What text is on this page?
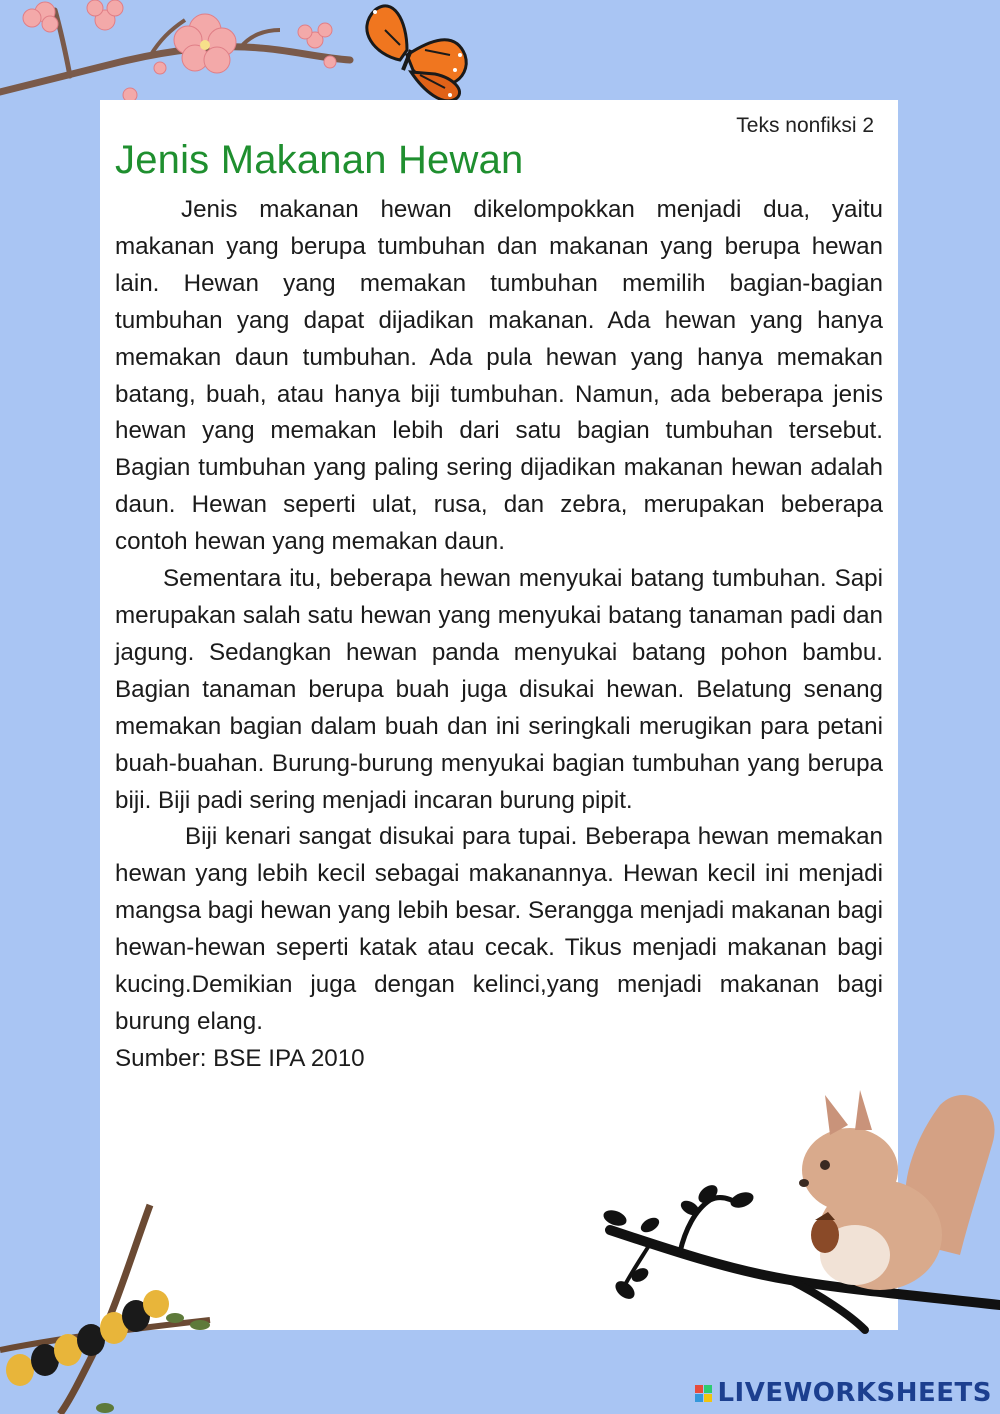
Teks nonfiksi 2

Jenis Makanan Hewan

Jenis makanan hewan dikelompokkan menjadi dua, yaitu makanan yang berupa tumbuhan dan makanan yang berupa hewan lain. Hewan yang memakan tumbuhan memilih bagian-bagian tumbuhan yang dapat dijadikan makanan. Ada hewan yang hanya memakan daun tumbuhan. Ada pula hewan yang hanya memakan batang, buah, atau hanya biji tumbuhan. Namun, ada beberapa jenis hewan yang memakan lebih dari satu bagian tumbuhan tersebut. Bagian tumbuhan yang paling sering dijadikan makanan hewan adalah daun. Hewan seperti ulat, rusa, dan zebra, merupakan beberapa contoh hewan yang memakan daun.

Sementara itu, beberapa hewan menyukai batang tumbuhan. Sapi merupakan salah satu hewan yang menyukai batang tanaman padi dan jagung. Sedangkan hewan panda menyukai batang pohon bambu. Bagian tanaman berupa buah juga disukai hewan. Belatung senang memakan bagian dalam buah dan ini seringkali merugikan para petani buah-buahan. Burung-burung menyukai bagian tumbuhan yang berupa biji. Biji padi sering menjadi incaran burung pipit.

Biji kenari sangat disukai para tupai. Beberapa hewan memakan hewan yang lebih kecil sebagai makanannya. Hewan kecil ini menjadi mangsa bagi hewan yang lebih besar. Serangga menjadi makanan bagi hewan-hewan seperti katak atau cecak. Tikus menjadi makanan bagi kucing.Demikian juga dengan kelinci,yang menjadi makanan bagi burung elang.

Sumber: BSE IPA 2010

LIVEWORKSHEETS
